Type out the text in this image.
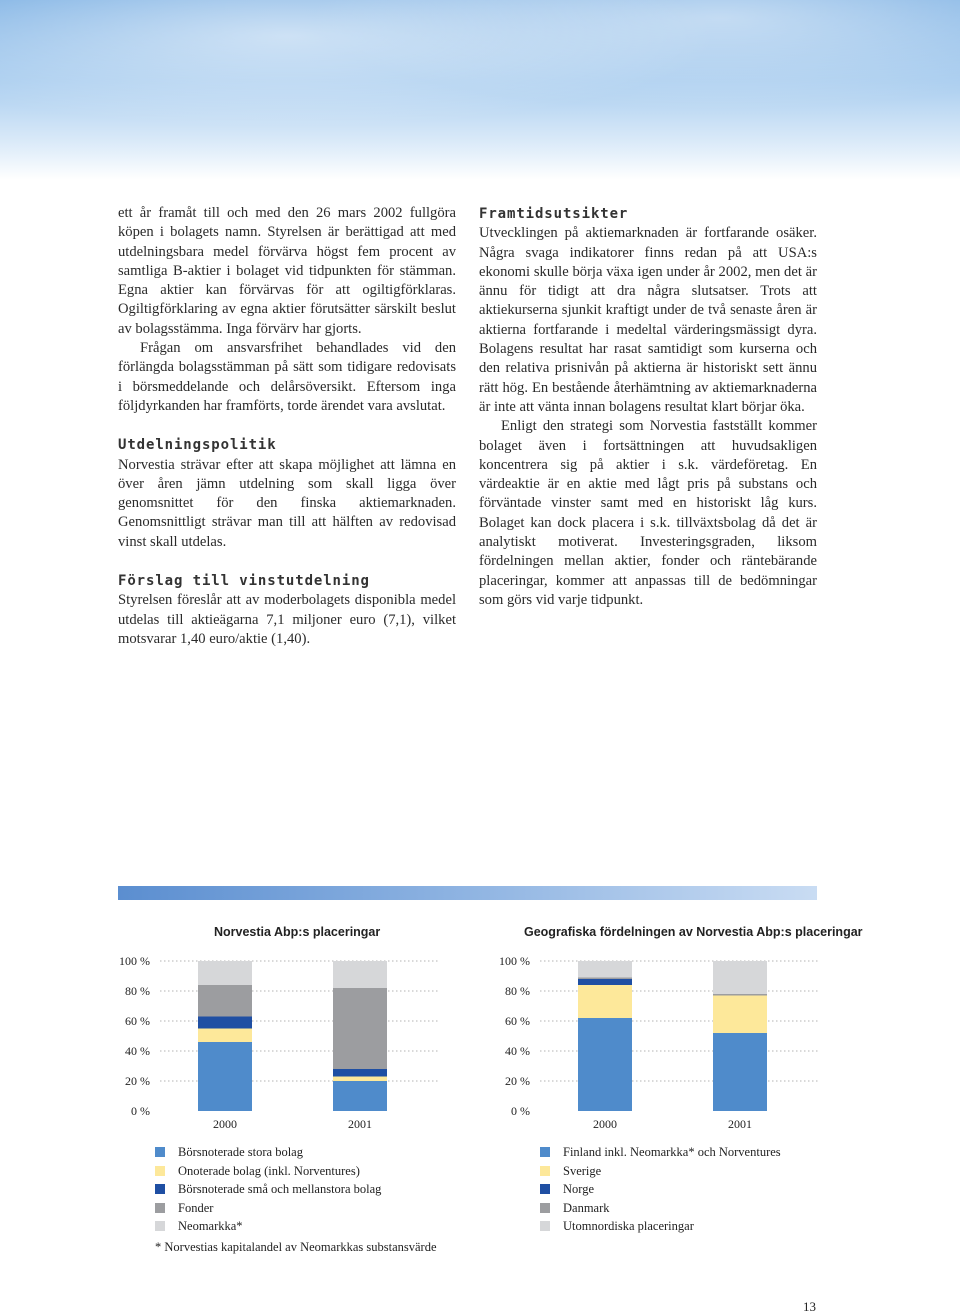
ett år framåt till och med den 26 mars 2002 fullgöra köpen i bolagets namn. Styrelsen är berättigad att med utdelningsbara medel förvärva högst fem procent av samtliga B-aktier i bolaget vid tidpunkten för stämman. Egna aktier kan förvärvas för att ogiltigförklaras. Ogiltigförklaring av egna aktier förutsätter särskilt beslut av bolagsstämma. Inga förvärv har gjorts.

Frågan om ansvarsfrihet behandlades vid den förlängda bolagsstämman på sätt som tidigare redovisats i börsmeddelande och delårsöversikt. Eftersom inga följdyrkanden har framförts, torde ärendet vara avslutat.

Utdelningspolitik

Norvestia strävar efter att skapa möjlighet att lämna en över åren jämn utdelning som skall ligga över genomsnittet för den finska aktiemarknaden. Genomsnittligt strävar man till att hälften av redovisad vinst skall utdelas.

Förslag till vinstutdelning

Styrelsen föreslår att av moderbolagets disponibla medel utdelas till aktieägarna 7,1 miljoner euro (7,1), vilket motsvarar 1,40 euro/aktie (1,40).

Framtidsutsikter

Utvecklingen på aktiemarknaden är fortfarande osäker. Några svaga indikatorer finns redan på att USA:s ekonomi skulle börja växa igen under år 2002, men det är ännu för tidigt att dra några slutsatser. Trots att aktiekurserna sjunkit kraftigt under de två senaste åren är aktierna fortfarande i medeltal värderingsmässigt dyra. Bolagens resultat har rasat samtidigt som kurserna och den relativa prisnivån på aktierna är historiskt sett ännu rätt hög. En bestående återhämtning av aktiemarknaderna är inte att vänta innan bolagens resultat klart börjar öka.

Enligt den strategi som Norvestia fastställt kommer bolaget även i fortsättningen att huvudsakligen koncentrera sig på aktier i s.k. värdeföretag. En värdeaktie är en aktie med lågt pris på substans och förväntade vinster samt med en historiskt låg kurs. Bolaget kan dock placera i s.k. tillväxtsbolag då det är analytiskt motiverat. Investeringsgraden, liksom fördelningen mellan aktier, fonder och räntebärande placeringar, kommer att anpassas till de bedömningar som görs vid varje tidpunkt.

Norvestia Abp:s placeringar	Geografiska fördelningen av Norvestia Abp:s placeringar
0 %
20 %
40 %
60 %
80 %
100 %
2000	2001
0 %
20 %
40 %
60 %
80 %
100 %
2000	2001
Börsnoterade stora bolag
Onoterade bolag (inkl. Norventures)
Börsnoterade små och mellanstora bolag
Fonder
Neomarkka*
Finland inkl. Neomarkka* och Norventures
Sverige
Norge
Danmark
Utomnordiska placeringar
* Norvestias kapitalandel av Neomarkkas substansvärde
13
